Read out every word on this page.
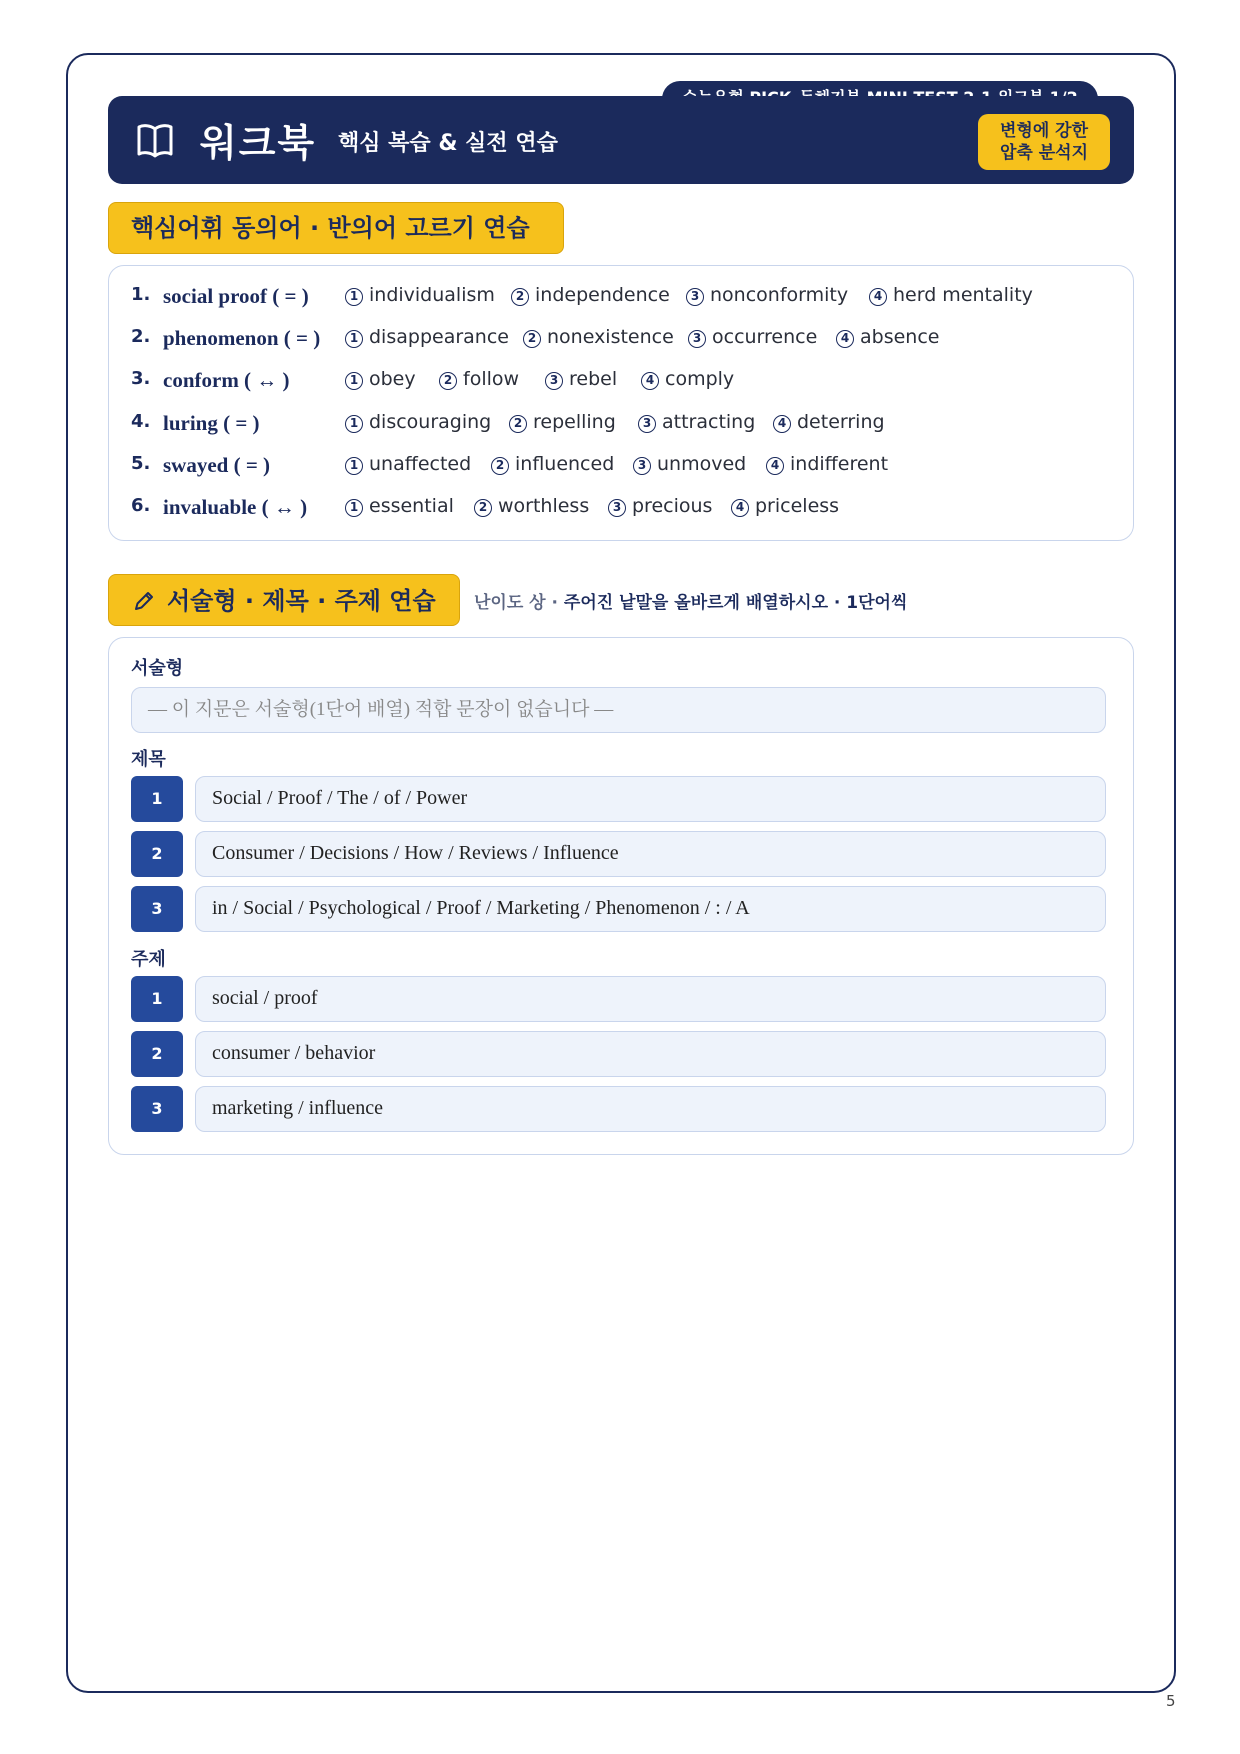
워크북 핵심 복습 & 실전 연습	변형에 강한
압축 분석지
핵심어휘 동의어 · 반의어 고르기 연습
1. social proof ( = )	1 individualism	2 independence	3 nonconformity	4 herd mentality
2. phenomenon ( = )	1 disappearance	2 nonexistence	3 occurrence	4 absence
3. conform ( ↔ )	1 obey	2 follow	3 rebel	4 comply
4. luring ( = )	1 discouraging	2 repelling	3 attracting	4 deterring
5. swayed ( = )	1 unaffected	2 influenced	3 unmoved	4 indifferent
6. invaluable ( ↔ )	1 essential	2 worthless	3 precious	4 priceless
서술형 · 제목 · 주제 연습	난이도 상 · 주어진 낱말을 올바르게 배열하시오 · 1단어씩
서술형
— 이 지문은 서술형(1단어 배열) 적합 문장이 없습니다 —
제목
1	Social / Proof / The / of / Power
2	Consumer / Decisions / How / Reviews / Influence
3	in / Social / Psychological / Proof / Marketing / Phenomenon / : / A
주제
1	social / proof
2	consumer / behavior
3	marketing / influence
5
